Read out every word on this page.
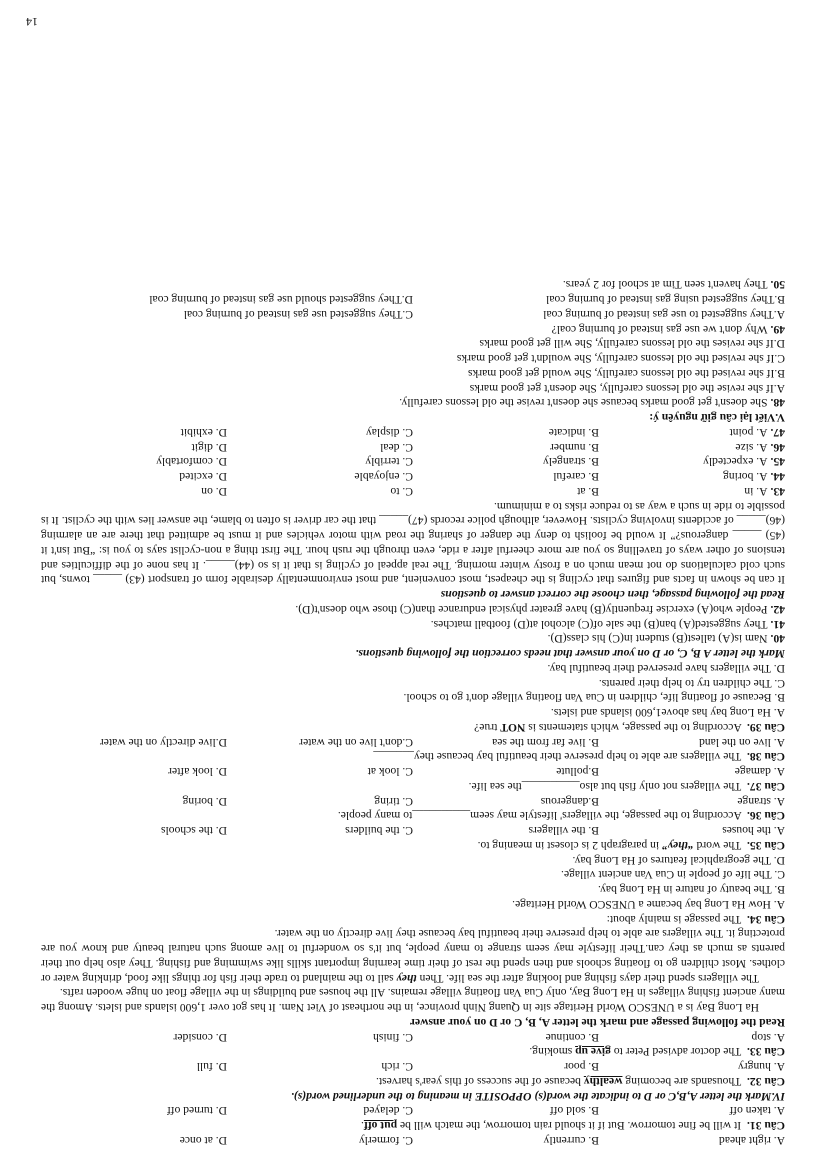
A. right ahead
B. currently
C. formerly
D. at once
Câu 31. It will be fine tomorrow. But if it should rain tomorrow, the match will be put off.
A. taken off
B. sold off
C. delayed
D. turned off
IV.Mark the letter A,B,C or D to indicate the word(s) OPPOSITE in meaning to the underlined word(s).
Câu 32. Thousands are becoming wealthy because of the success of this year's harvest.
A. hungry
B. poor
C. rich
D. full
Câu 33. The doctor advised Peter to give up smoking.
A. stop
B. continue
C. finish
D. consider
Read the following passage and mark the letter A, B, C or D on your answer
Ha Long Bay is a UNESCO World Heritage site in Quang Ninh province, in the northeast of Viet Nam. It has got over 1,600 islands and islets. Among the many ancient fishing villages in Ha Long Bay, only Cua Van floating village remains. All the houses and buildings in the village float on huge wooden rafts.
The villagers spend their days fishing and looking after the sea life. Then they sail to the mainland to trade their fish for things like food, drinking water or clothes. Most children go to floating schools and then spend the rest of their time learning important skills like swimming and fishing. They also help out their parents as much as they can.Their lifestyle may seem strange to many people, but it's so wonderful to live among such natural beauty and know you are protecting it. The villagers are able to help preserve their beautiful bay because they live directly on the water.
Câu 34. The passage is mainly about:
A. How Ha Long bay became a UNESCO World Heritage.
B. The beauty of nature in Ha Long bay.
C. The life of people in Cua Van ancient village.
D. The geographical features of Ha Long bay.
Câu 35. The word “they” in paragraph 2 is closest in meaning to.
A. the houses
B. the villagers
C. the builders
D. the schools
Câu 36. According to the passage, the villagers' lifestyle may seem__________to many people.
A. strange
B.dangerous
C. tiring
D. boring
Câu 37. The villagers not only fish but also__________the sea life.
A. damage
B.pollute
C. look at
D. look after
Câu 38. The villagers are able to help preserve their beautiful bay because they_______
A. live on the land
B. live far from the sea
C.don't live on the water
D.live directly on the water
Câu 39. According to the passage, which statements is NOT true?
A. Ha Long bay has above1,600 islands and islets.
B. Because of floating life, children in Cua Van floating village don't go to school.
C. The children try to help their parents.
D. The villagers have preserved their beautiful bay.
Mark the letter A B, C, or D on your answer that needs correction the following questions.
40.Nam is(A) tallest(B) student in(C) his class(D).
41.They suggested(A) ban(B) the sale of(C) alcohol at(D) football matches.
42.People who(A) exercise frequently(B) have greater physical endurance than(C) those who doesn't(D).
Read the following passage, then choose the correct answer to questions
It can be shown in facts and figures that cycling is the cheapest, most convenient, and most environmentally desirable form of transport (43) _____ towns, but such cold calculations do not mean much on a frosty winter morning. The real appeal of cycling is that it is so (44)_____. It has none of the difficulties and tensions of other ways of travelling so you are more cheerful after a ride, even through the rush hour. The first thing a non-cyclist says to you is: “But isn't it (45) _____ dangerous?” It would be foolish to deny the danger of sharing the road with motor vehicles and it must be admitted that there are an alarming (46)_____ of accidents involving cyclists. However, although police records (47)_____ that the car driver is often to blame, the answer lies with the cyclist. It is possible to ride in such a way as to reduce risks to a minimum.
43.A. in
B. at
C. to
D. on
44.A. boring
B. careful
C. enjoyable
D. excited
45.A. expectedly
B. strangely
C. terribly
D. comfortably
46.A. size
B. number
C. deal
D. digit
47.A. point
B. indicate
C. display
D. exhibit
V.Viết lại câu giữ nguyên ý:
48.She doesn't get good marks because she doesn't revise the old lessons carefully.
A.If she revise the old lessons carefully, She doesn't get good marks
B.If she revised the old lessons carefully, She would get good marks
C.If she revised the old lessons carefully, She wouldn't get good marks
D.If she revises the old lessons carefully, She will get good marks
49.Why don't we use gas instead of burning coal?
A.They suggested to use gas instead of burning coal
C.They suggested use gas instead of burning coal
B.They suggested using gas instead of burning coal
D.They suggested should use gas instead of burning coal
50.They haven't seen Tim at school for 2 years.
14
